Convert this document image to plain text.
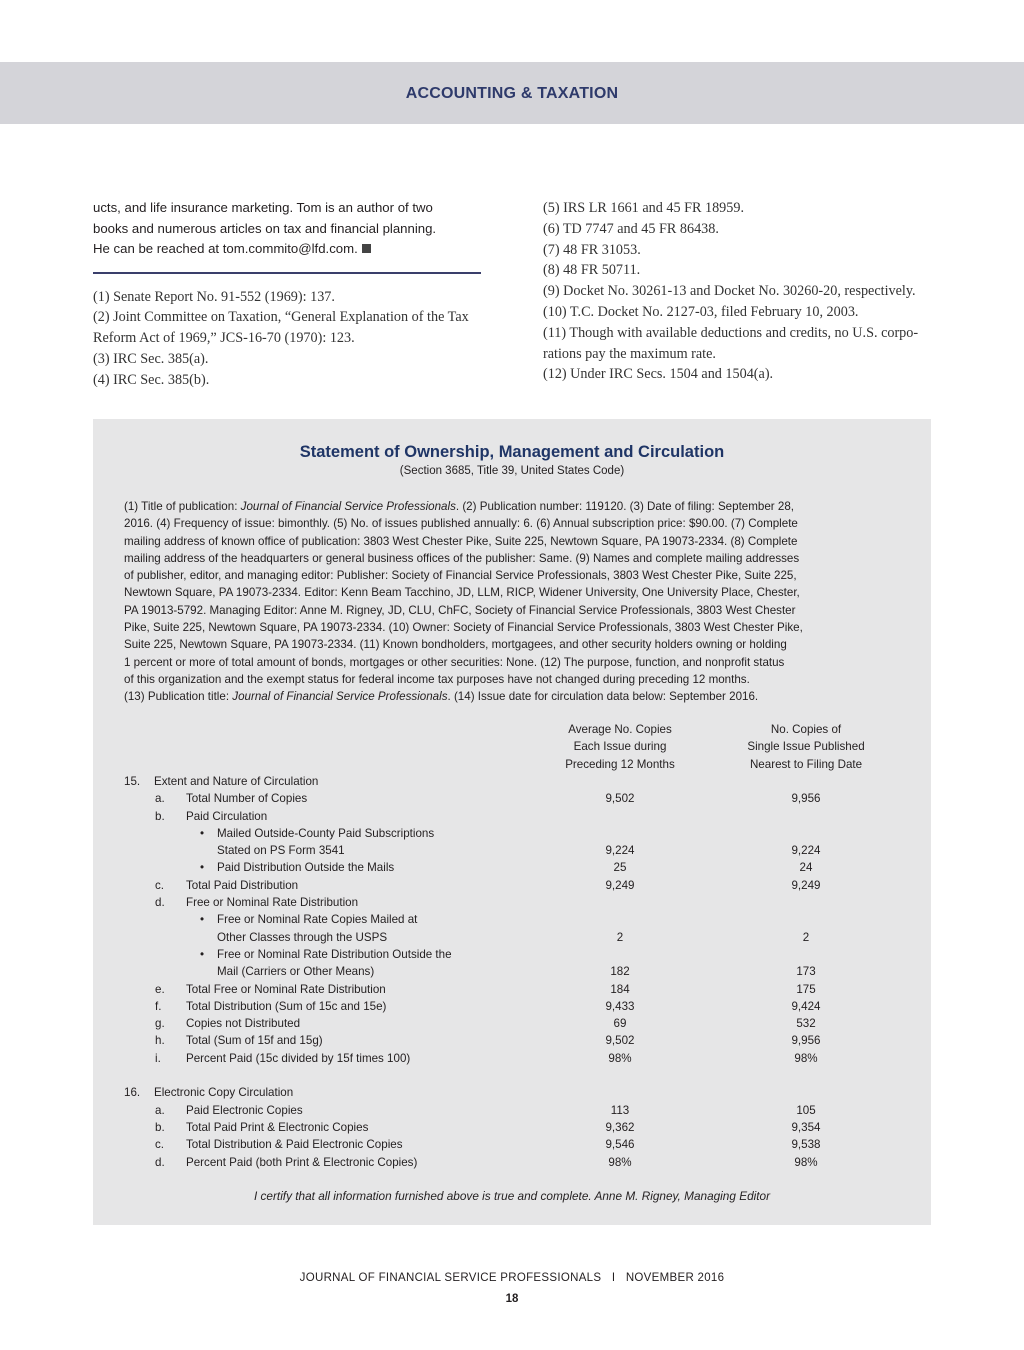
ACCOUNTING & TAXATION

ucts, and life insurance marketing. Tom is an author of two

books and numerous articles on tax and financial planning.

He can be reached at tom.commito@lfd.com.

(1) Senate Report No. 91-552 (1969): 137.
(2) Joint Committee on Taxation, “General Explanation of the Tax
Reform Act of 1969,” JCS-16-70 (1970): 123.
(3) IRC Sec. 385(a).
(4) IRC Sec. 385(b).
(5) IRS LR 1661 and 45 FR 18959.
(6) TD 7747 and 45 FR 86438.
(7) 48 FR 31053.
(8) 48 FR 50711.
(9) Docket No. 30261-13 and Docket No. 30260-20, respectively.
(10) T.C. Docket No. 2127-03, filed February 10, 2003.
(11) Though with available deductions and credits, no U.S. corpo-
rations pay the maximum rate.
(12) Under IRC Secs. 1504 and 1504(a).
Statement of Ownership, Management and Circulation
(Section 3685, Title 39, United States Code)
(1) Title of publication: Journal of Financial Service Professionals. (2) Publication number: 119120. (3) Date of filing: September 28,
2016. (4) Frequency of issue: bimonthly. (5) No. of issues published annually: 6. (6) Annual subscription price: $90.00. (7) Complete
mailing address of known office of publication: 3803 West Chester Pike, Suite 225, Newtown Square, PA 19073-2334. (8) Complete
mailing address of the headquarters or general business offices of the publisher: Same. (9) Names and complete mailing addresses
of publisher, editor, and managing editor: Publisher: Society of Financial Service Professionals, 3803 West Chester Pike, Suite 225,
Newtown Square, PA 19073-2334. Editor: Kenn Beam Tacchino, JD, LLM, RICP, Widener University, One University Place, Chester,
PA 19013-5792. Managing Editor: Anne M. Rigney, JD, CLU, ChFC, Society of Financial Service Professionals, 3803 West Chester
Pike, Suite 225, Newtown Square, PA 19073-2334. (10) Owner: Society of Financial Service Professionals, 3803 West Chester Pike,
Suite 225, Newtown Square, PA 19073-2334. (11) Known bondholders, mortgagees, and other security holders owning or holding
1 percent or more of total amount of bonds, mortgages or other securities: None. (12) The purpose, function, and nonprofit status
of this organization and the exempt status for federal income tax purposes have not changed during preceding 12 months.
(13) Publication title: Journal of Financial Service Professionals. (14) Issue date for circulation data below: September 2016.
Average No. Copies
Each Issue during
Preceding 12 Months
No. Copies of
Single Issue Published
Nearest to Filing Date
15. Extent and Nature of Circulation
a.	Total Number of Copies	9,502	9,956
b.	Paid Circulation
• Mailed Outside-County Paid Subscriptions
Stated on PS Form 3541	9,224	9,224
• Paid Distribution Outside the Mails	25	24
c.	Total Paid Distribution	9,249	9,249
d.	Free or Nominal Rate Distribution
• Free or Nominal Rate Copies Mailed at
Other Classes through the USPS	2	2
• Free or Nominal Rate Distribution Outside the
Mail (Carriers or Other Means)	182	173
e.	Total Free or Nominal Rate Distribution	184	175
f.	Total Distribution (Sum of 15c and 15e)	9,433	9,424
g.	Copies not Distributed	69	532
h.	Total (Sum of 15f and 15g)	9,502	9,956
i.	Percent Paid (15c divided by 15f times 100)	98%	98%
16. Electronic Copy Circulation
a.	Paid Electronic Copies	113	105
b.	Total Paid Print & Electronic Copies	9,362	9,354
c.	Total Distribution & Paid Electronic Copies	9,546	9,538
d.	Percent Paid (both Print & Electronic Copies)	98%	98%
I certify that all information furnished above is true and complete. Anne M. Rigney, Managing Editor
JOURNAL OF FINANCIAL SERVICE PROFESSIONALS I NOVEMBER 2016
18
